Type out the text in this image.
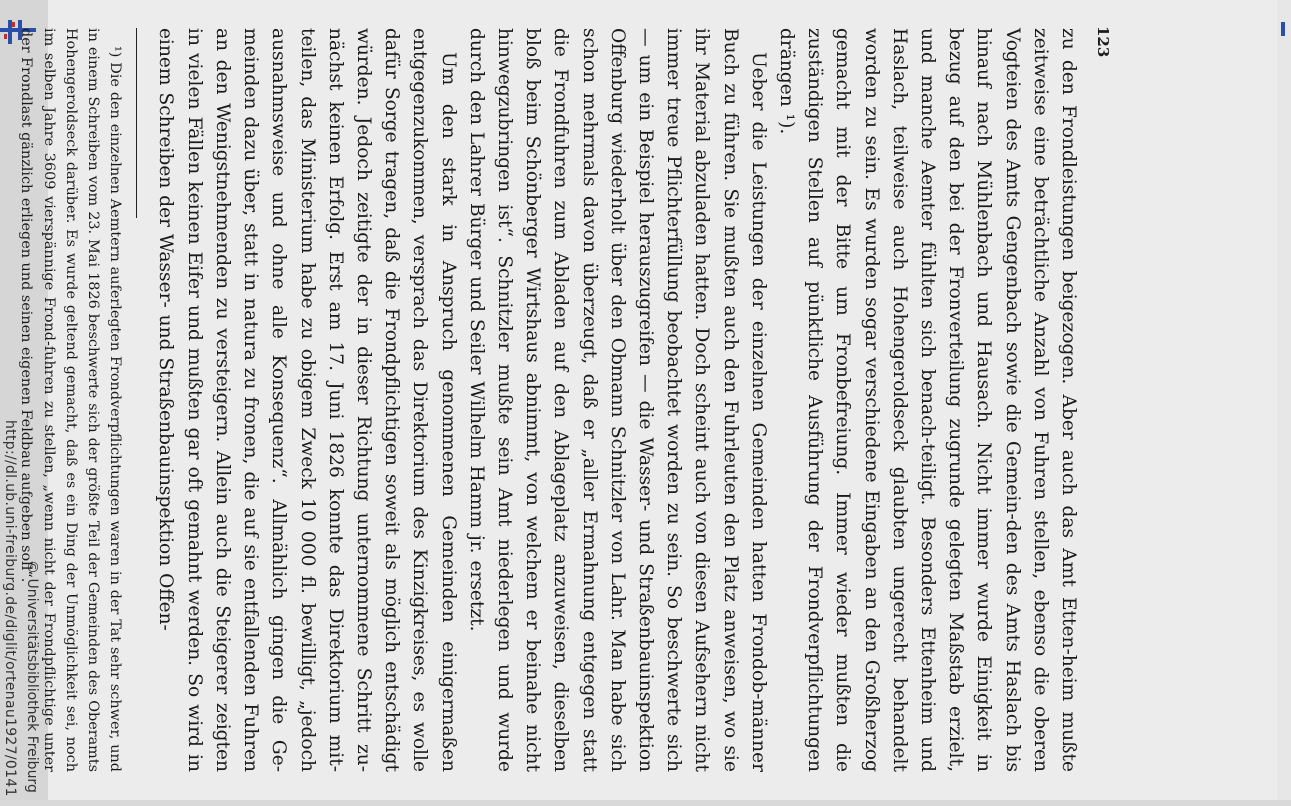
http://dl.ub.uni-freiburg.de/diglit/ortenau1927/0141 © Universitätsbibliothek Freiburg
123

zu den Frondleistungen beigezogen. Aber auch das Amt Etten-heim mußte zeitweise eine beträchtliche Anzahl von Fuhren stellen, ebenso die oberen Vogteien des Amts Gengenbach sowie die Gemein-den des Amts Haslach bis hinauf nach Mühlenbach und Hausach. Nicht immer wurde Einigkeit in bezug auf den bei der Fronverteilung zugrunde gelegten Maßstab erzielt, und manche Aemter fühlten sich benach-teiligt. Besonders Ettenheim und Haslach, teilweise auch Hohengeroldseck glaubten ungerecht behandelt worden zu sein. Es wurden sogar verschiedene Eingaben an den Großherzog gemacht mit der Bitte um Fronbefreiung. Immer wieder mußten die zuständigen Stellen auf pünktliche Ausführung der Frondverpflichtungen drängen ¹).

Ueber die Leistungen der einzelnen Gemeinden hatten Frondob-männer Buch zu führen. Sie mußten auch den Fuhrleuten den Platz anweisen, wo sie ihr Material abzuladen hatten. Doch scheint auch von diesen Aufsehern nicht immer treue Pflichterfüllung beobachtet worden zu sein. So beschwerte sich — um ein Beispiel herauszugreifen — die Wasser- und Straßenbauinspektion Offenburg wiederholt über den Obmann Schnitzler von Lahr. Man habe sich schon mehrmals davon überzeugt, daß er „aller Ermahnung entgegen statt die Frondfuhren zum Abladen auf den Ablageplatz anzuweisen, dieselben bloß beim Schönberger Wirtshaus abnimmt, von welchem er beinahe nicht hinwegzubringen ist“. Schnitzler mußte sein Amt niederlegen und wurde durch den Lahrer Bürger und Seiler Wilhelm Hamm jr. ersetzt.

Um den stark in Anspruch genommenen Gemeinden einigermaßen entgegenzukommen, versprach das Direktorium des Kinzigkreises, es wolle dafür Sorge tragen, daß die Frondpflichtigen soweit als möglich entschädigt würden. Jedoch zeitigte der in dieser Richtung unternommene Schritt zu-nächst keinen Erfolg. Erst am 17. Juni 1826 konnte das Direktorium mit-teilen, das Ministerium habe zu obigem Zweck 10 000 fl. bewilligt, „jedoch ausnahmsweise und ohne alle Konsequenz“. Allmählich gingen die Ge-meinden dazu über, statt in natura zu fronen, die auf sie entfallenden Fuhren an den Wenigstnehmenden zu versteigern. Allein auch die Steigerer zeigten in vielen Fällen keinen Eifer und mußten gar oft gemahnt werden. So wird in einem Schreiben der Wasser- und Straßenbauinspektion Offen-

¹) Die den einzelnen Aemtern auferlegten Frondverpflichtungen waren in der Tat sehr schwer, und in einem Schreiben vom 23. Mai 1826 beschwerte sich der größte Teil der Gemeinden des Oberamts Hohengeroldseck darüber. Es wurde geltend gemacht, daß es ein Ding der Unmöglichkeit sei, noch im selben Jahre 3609 vierspännige Frond-fuhren zu stellen, „wenn nicht der Frondpflichtige unter der Frondlast gänzlich erliegen und seinen eigenen Feldbau aufgeben soll“.
